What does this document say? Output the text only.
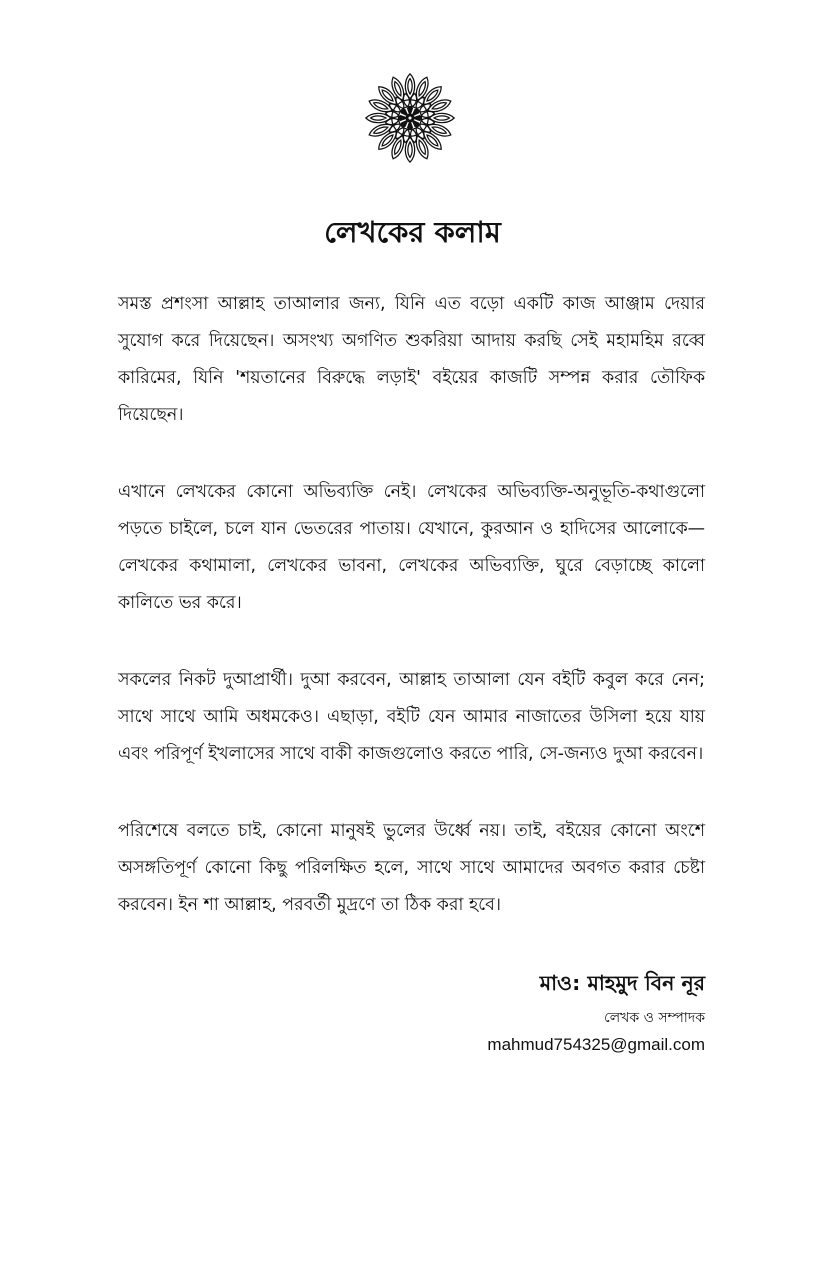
লেখকের কলাম

সমস্ত প্রশংসা আল্লাহ তাআলার জন্য, যিনি এত বড়ো একটি কাজ আঞ্জাম দেয়ার সুযোগ করে দিয়েছেন। অসংখ্য অগণিত শুকরিয়া আদায় করছি সেই মহামহিম রব্বে কারিমের, যিনি 'শয়তানের বিরুদ্ধে লড়াই' বইয়ের কাজটি সম্পন্ন করার তৌফিক দিয়েছেন।

এখানে লেখকের কোনো অভিব্যক্তি নেই। লেখকের অভিব্যক্তি-অনুভূতি-কথাগুলো পড়তে চাইলে, চলে যান ভেতরের পাতায়। যেখানে, কুরআন ও হাদিসের আলোকে—লেখকের কথামালা, লেখকের ভাবনা, লেখকের অভিব্যক্তি, ঘুরে বেড়াচ্ছে কালো কালিতে ভর করে।

সকলের নিকট দুআপ্রার্থী। দুআ করবেন, আল্লাহ তাআলা যেন বইটি কবুল করে নেন; সাথে সাথে আমি অধমকেও। এছাড়া, বইটি যেন আমার নাজাতের উসিলা হয়ে যায় এবং পরিপূর্ণ ইখলাসের সাথে বাকী কাজগুলোও করতে পারি, সে-জন্যও দুআ করবেন।

পরিশেষে বলতে চাই, কোনো মানুষই ভুলের উর্ধ্বে নয়। তাই, বইয়ের কোনো অংশে অসঙ্গতিপূর্ণ কোনো কিছু পরিলক্ষিত হলে, সাথে সাথে আমাদের অবগত করার চেষ্টা করবেন। ইন শা আল্লাহ, পরবর্তী মুদ্রণে তা ঠিক করা হবে।

মাও: মাহমুদ বিন নূর
লেখক ও সম্পাদক
mahmud754325@gmail.com
